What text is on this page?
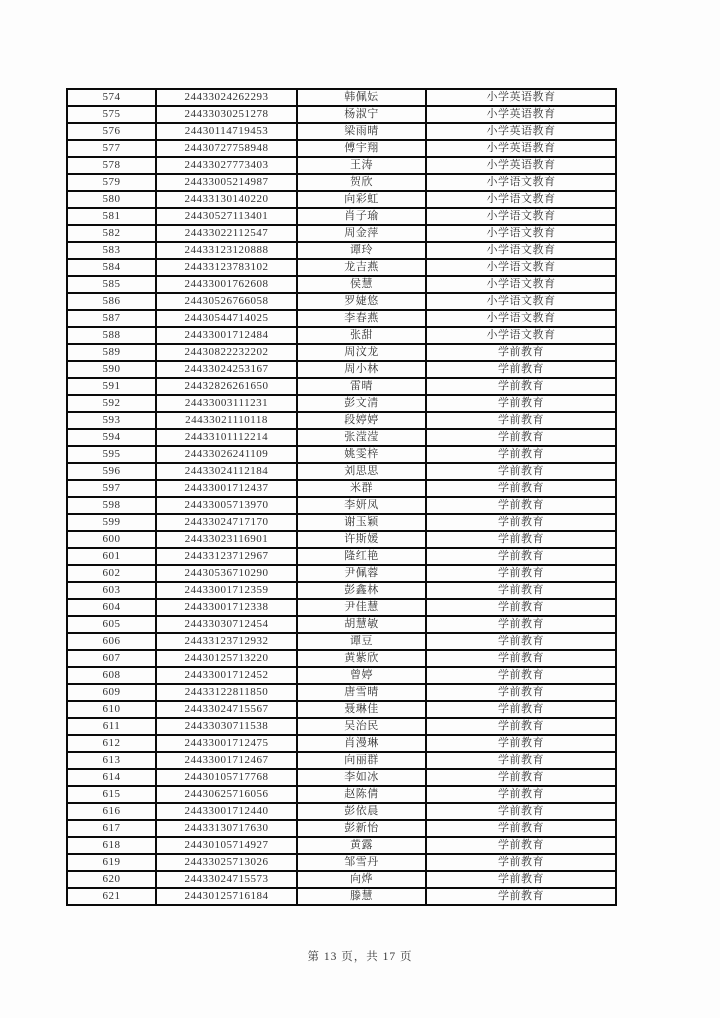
574	24433024262293	韩佩妘	小学英语教育
575	24433030251278	杨淑宁	小学英语教育
576	24430114719453	梁雨晴	小学英语教育
577	24430727758948	傅宇翔	小学英语教育
578	24433027773403	王涛	小学英语教育
579	24433005214987	贺欣	小学语文教育
580	24433130140220	向彩虹	小学语文教育
581	24430527113401	肖子瑜	小学语文教育
582	24433022112547	周金萍	小学语文教育
583	24433123120888	谭玲	小学语文教育
584	24433123783102	龙吉燕	小学语文教育
585	24433001762608	侯慧	小学语文教育
586	24430526766058	罗婕悠	小学语文教育
587	24430544714025	李春燕	小学语文教育
588	24433001712484	张甜	小学语文教育
589	24430822232202	周汶龙	学前教育
590	24433024253167	周小林	学前教育
591	24432826261650	雷晴	学前教育
592	24433003111231	彭文清	学前教育
593	24433021110118	段婷婷	学前教育
594	24433101112214	张滢滢	学前教育
595	24433026241109	姚雯梓	学前教育
596	24433024112184	刘思思	学前教育
597	24433001712437	米群	学前教育
598	24433005713970	李妍凤	学前教育
599	24433024717170	谢玉颖	学前教育
600	24433023116901	许斯媛	学前教育
601	24433123712967	隆红艳	学前教育
602	24430536710290	尹佩蓉	学前教育
603	24433001712359	彭鑫林	学前教育
604	24433001712338	尹佳慧	学前教育
605	24433030712454	胡慧敏	学前教育
606	24433123712932	谭豆	学前教育
607	24430125713220	黄紫欣	学前教育
608	24433001712452	曾婷	学前教育
609	24433122811850	唐雪晴	学前教育
610	24433024715567	聂琳佳	学前教育
611	24433030711538	吴治民	学前教育
612	24433001712475	肖漫琳	学前教育
613	24433001712467	向丽群	学前教育
614	24430105717768	李如冰	学前教育
615	24430625716056	赵陈倩	学前教育
616	24433001712440	彭依晨	学前教育
617	24433130717630	彭新怡	学前教育
618	24430105714927	黄露	学前教育
619	24433025713026	邹雪丹	学前教育
620	24433024715573	向烨	学前教育
621	24430125716184	滕慧	学前教育
第 13 页，共 17 页
